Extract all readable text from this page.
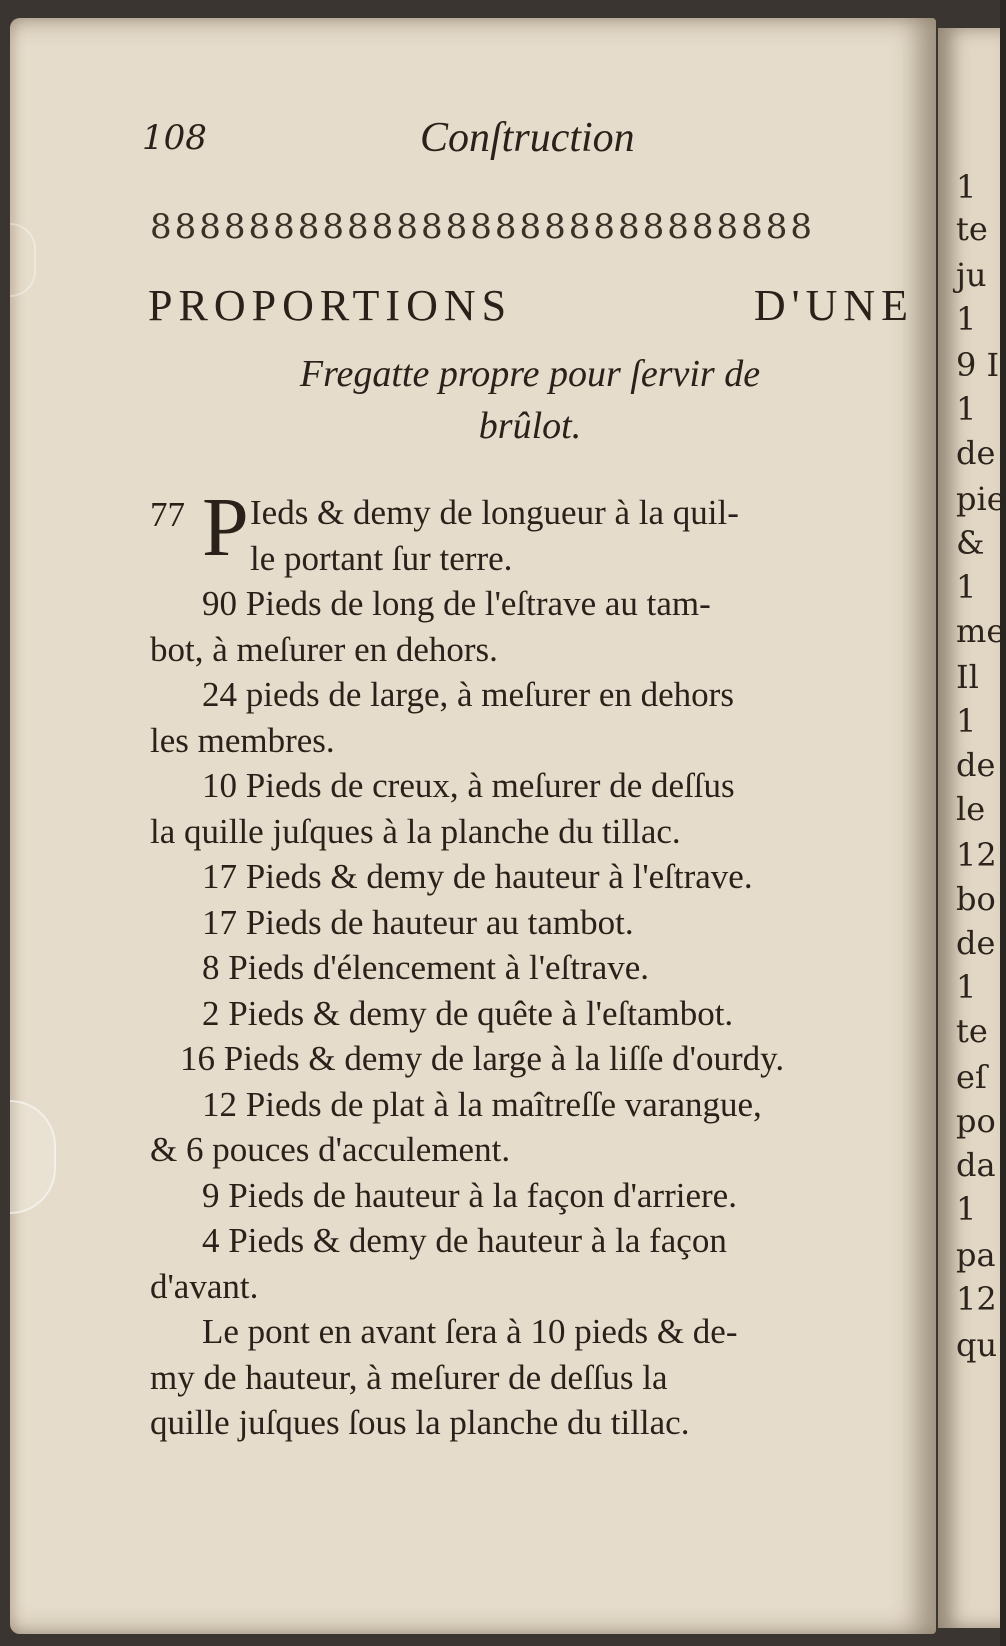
108	Conſtruction
888888888888888888888888888
PROPORTIONS	D'UNE
Fregatte propre pour ſervir de
brûlot.
77 P Ieds & demy de longueur à la quil-
le portant ſur terre.
90 Pieds de long de l'eſtrave au tam-
bot, à meſurer en dehors.
24 pieds de large, à meſurer en dehors
les membres.
10 Pieds de creux, à meſurer de deſſus
la quille juſques à la planche du tillac.
17 Pieds & demy de hauteur à l'eſtrave.
17 Pieds de hauteur au tambot.
8 Pieds d'élencement à l'eſtrave.
2 Pieds & demy de quête à l'eſtambot.
16 Pieds & demy de large à la liſſe d'ourdy.
12 Pieds de plat à la maîtreſſe varangue,
& 6 pouces d'acculement.
9 Pieds de hauteur à la façon d'arriere.
4 Pieds & demy de hauteur à la façon
d'avant.
Le pont en avant ſera à 10 pieds & de-
my de hauteur, à meſurer de deſſus la
quille juſques ſous la planche du tillac.
1
te
ju
1
9 I
1
de
pie
&
1
me
Il
1
de
le
12
bo
de
1
te
eſ
po
da
1
pa
12
qu
